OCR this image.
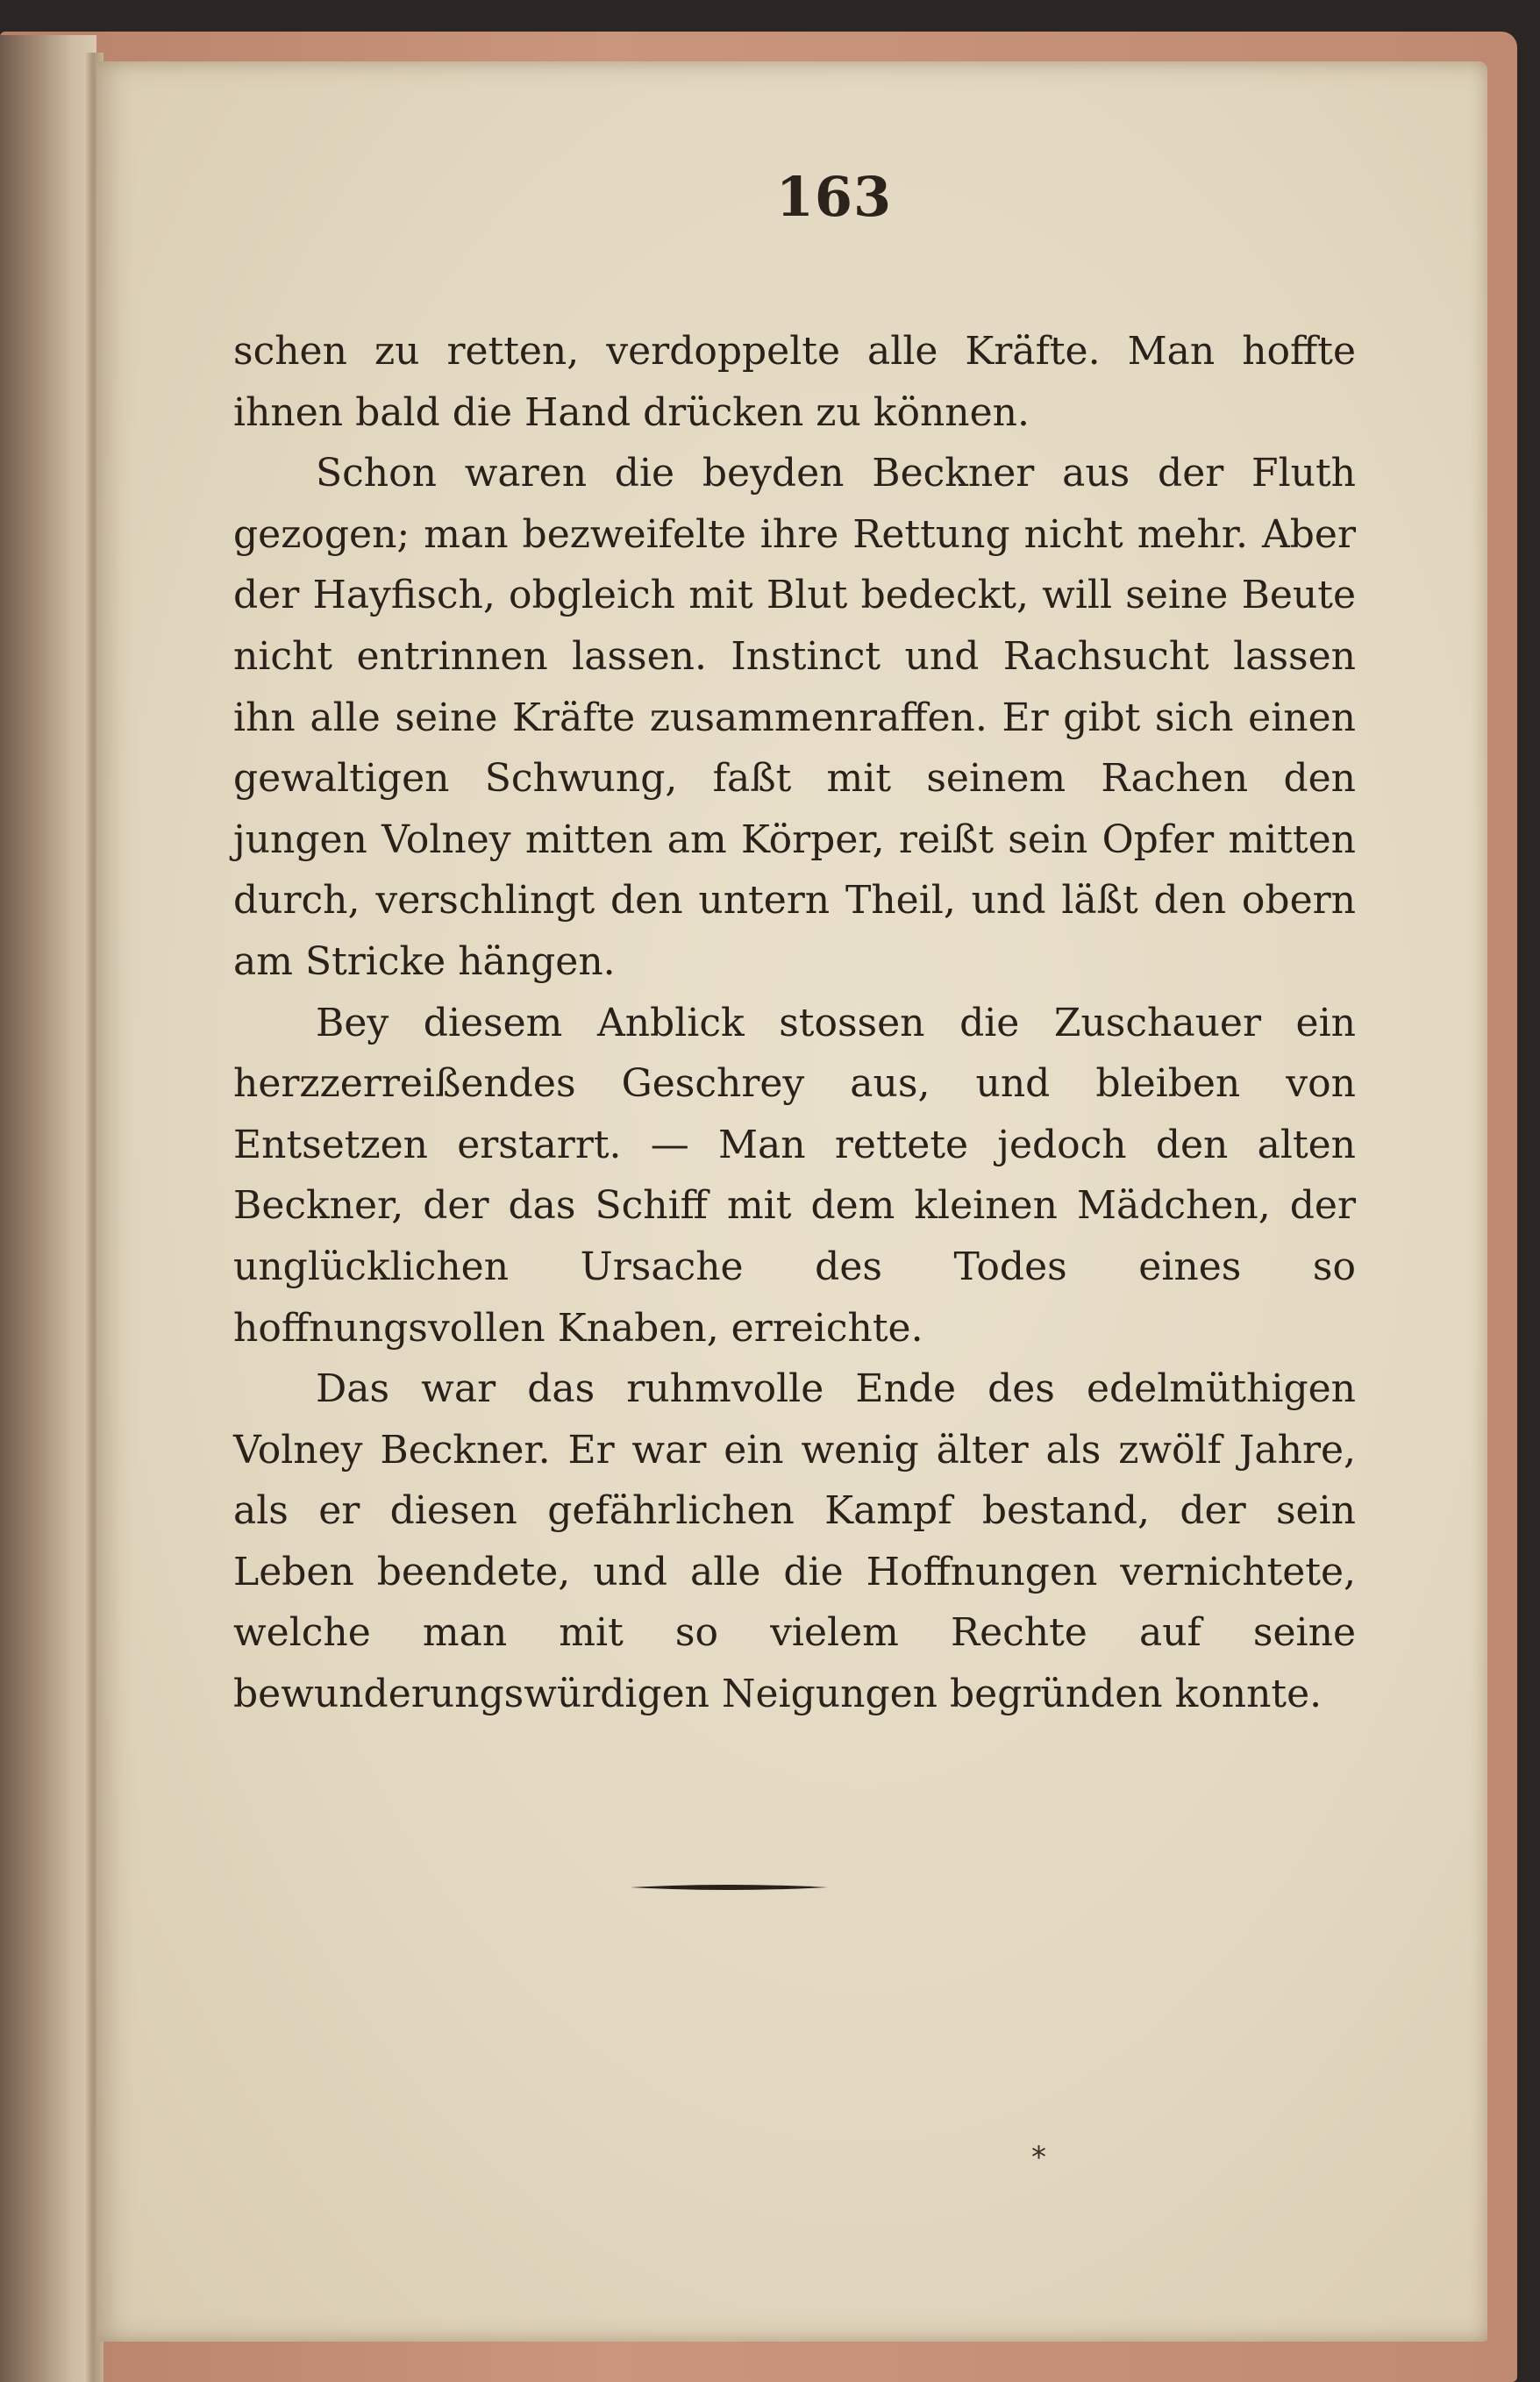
163

schen zu retten, verdoppelte alle Kräfte. Man hoffte ihnen bald die Hand drücken zu können.

Schon waren die beyden Beckner aus der Fluth gezogen; man bezweifelte ihre Rettung nicht mehr. Aber der Hayfisch, obgleich mit Blut bedeckt, will seine Beute nicht entrinnen lassen. Instinct und Rachsucht lassen ihn alle seine Kräfte zusammenraffen. Er gibt sich einen gewaltigen Schwung, faßt mit seinem Rachen den jungen Volney mitten am Körper, reißt sein Opfer mitten durch, verschlingt den untern Theil, und läßt den obern am Stricke hängen.

Bey diesem Anblick stossen die Zuschauer ein herzzerreißendes Geschrey aus, und bleiben von Entsetzen erstarrt. — Man rettete jedoch den alten Beckner, der das Schiff mit dem kleinen Mädchen, der unglücklichen Ursache des Todes eines so hoffnungsvollen Knaben, erreichte.

Das war das ruhmvolle Ende des edelmüthigen Volney Beckner. Er war ein wenig älter als zwölf Jahre, als er diesen gefährlichen Kampf bestand, der sein Leben beendete, und alle die Hoffnungen vernichtete, welche man mit so vielem Rechte auf seine bewunderungswürdigen Neigungen begründen konnte.

*
